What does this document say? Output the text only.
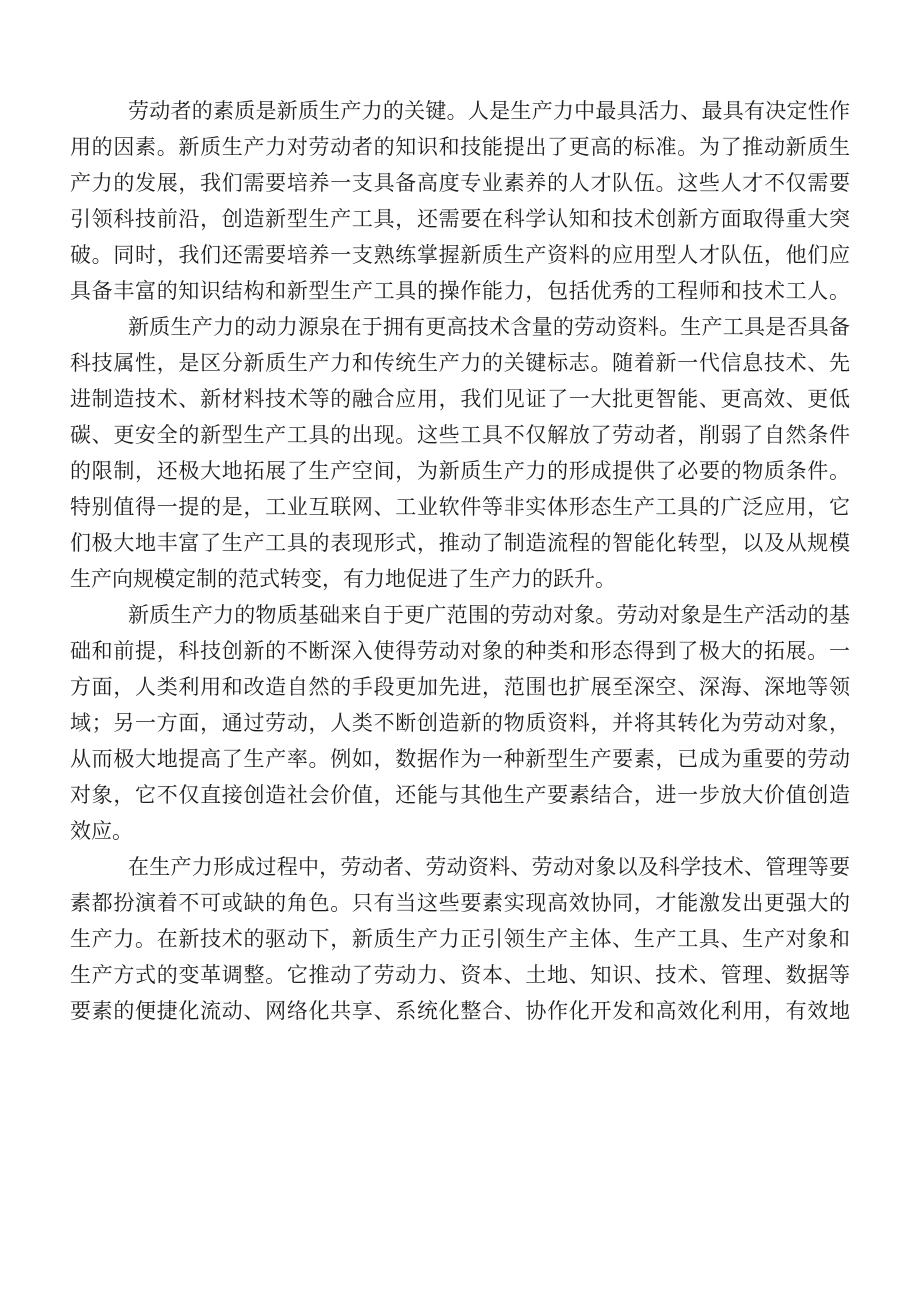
劳动者的素质是新质生产力的关键。人是生产力中最具活力、最具有决定性作
用的因素。新质生产力对劳动者的知识和技能提出了更高的标准。为了推动新质生
产力的发展，我们需要培养一支具备高度专业素养的人才队伍。这些人才不仅需要
引领科技前沿，创造新型生产工具，还需要在科学认知和技术创新方面取得重大突
破。同时，我们还需要培养一支熟练掌握新质生产资料的应用型人才队伍，他们应
具备丰富的知识结构和新型生产工具的操作能力，包括优秀的工程师和技术工人。
新质生产力的动力源泉在于拥有更高技术含量的劳动资料。生产工具是否具备
科技属性，是区分新质生产力和传统生产力的关键标志。随着新一代信息技术、先
进制造技术、新材料技术等的融合应用，我们见证了一大批更智能、更高效、更低
碳、更安全的新型生产工具的出现。这些工具不仅解放了劳动者，削弱了自然条件
的限制，还极大地拓展了生产空间，为新质生产力的形成提供了必要的物质条件。
特别值得一提的是，工业互联网、工业软件等非实体形态生产工具的广泛应用，它
们极大地丰富了生产工具的表现形式，推动了制造流程的智能化转型，以及从规模
生产向规模定制的范式转变，有力地促进了生产力的跃升。
新质生产力的物质基础来自于更广范围的劳动对象。劳动对象是生产活动的基
础和前提，科技创新的不断深入使得劳动对象的种类和形态得到了极大的拓展。一
方面，人类利用和改造自然的手段更加先进，范围也扩展至深空、深海、深地等领
域；另一方面，通过劳动，人类不断创造新的物质资料，并将其转化为劳动对象，
从而极大地提高了生产率。例如，数据作为一种新型生产要素，已成为重要的劳动
对象，它不仅直接创造社会价值，还能与其他生产要素结合，进一步放大价值创造
效应。
在生产力形成过程中，劳动者、劳动资料、劳动对象以及科学技术、管理等要
素都扮演着不可或缺的角色。只有当这些要素实现高效协同，才能激发出更强大的
生产力。在新技术的驱动下，新质生产力正引领生产主体、生产工具、生产对象和
生产方式的变革调整。它推动了劳动力、资本、土地、知识、技术、管理、数据等
要素的便捷化流动、网络化共享、系统化整合、协作化开发和高效化利用，有效地
